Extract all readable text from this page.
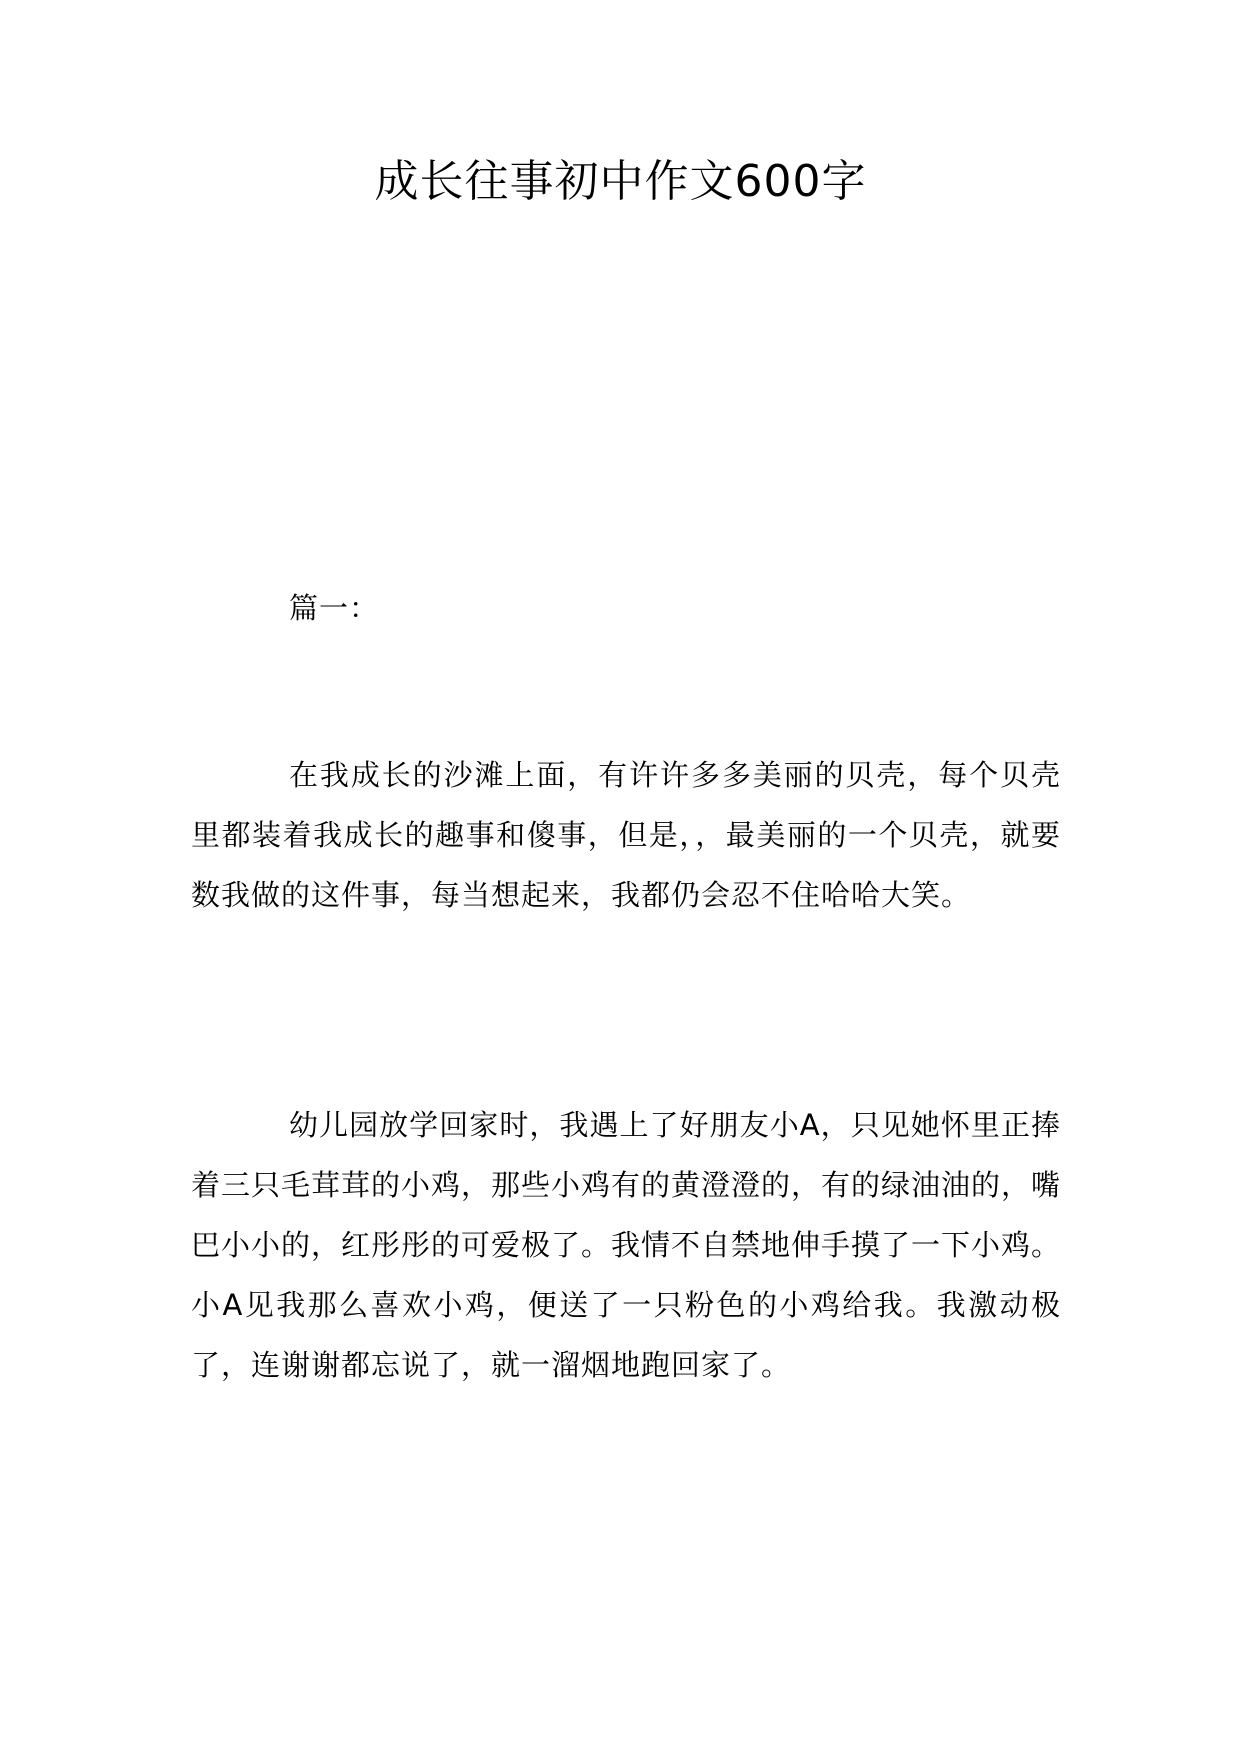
成长往事初中作文600字

篇一：

在我成长的沙滩上面，有许许多多美丽的贝壳，每个贝壳里都装着我成长的趣事和傻事，但是，，最美丽的一个贝壳，就要数我做的这件事，每当想起来，我都仍会忍不住哈哈大笑。

幼儿园放学回家时，我遇上了好朋友小A，只见她怀里正捧着三只毛茸茸的小鸡，那些小鸡有的黄澄澄的，有的绿油油的，嘴巴小小的，红彤彤的可爱极了。我情不自禁地伸手摸了一下小鸡。小A见我那么喜欢小鸡，便送了一只粉色的小鸡给我。我激动极了，连谢谢都忘说了，就一溜烟地跑回家了。
